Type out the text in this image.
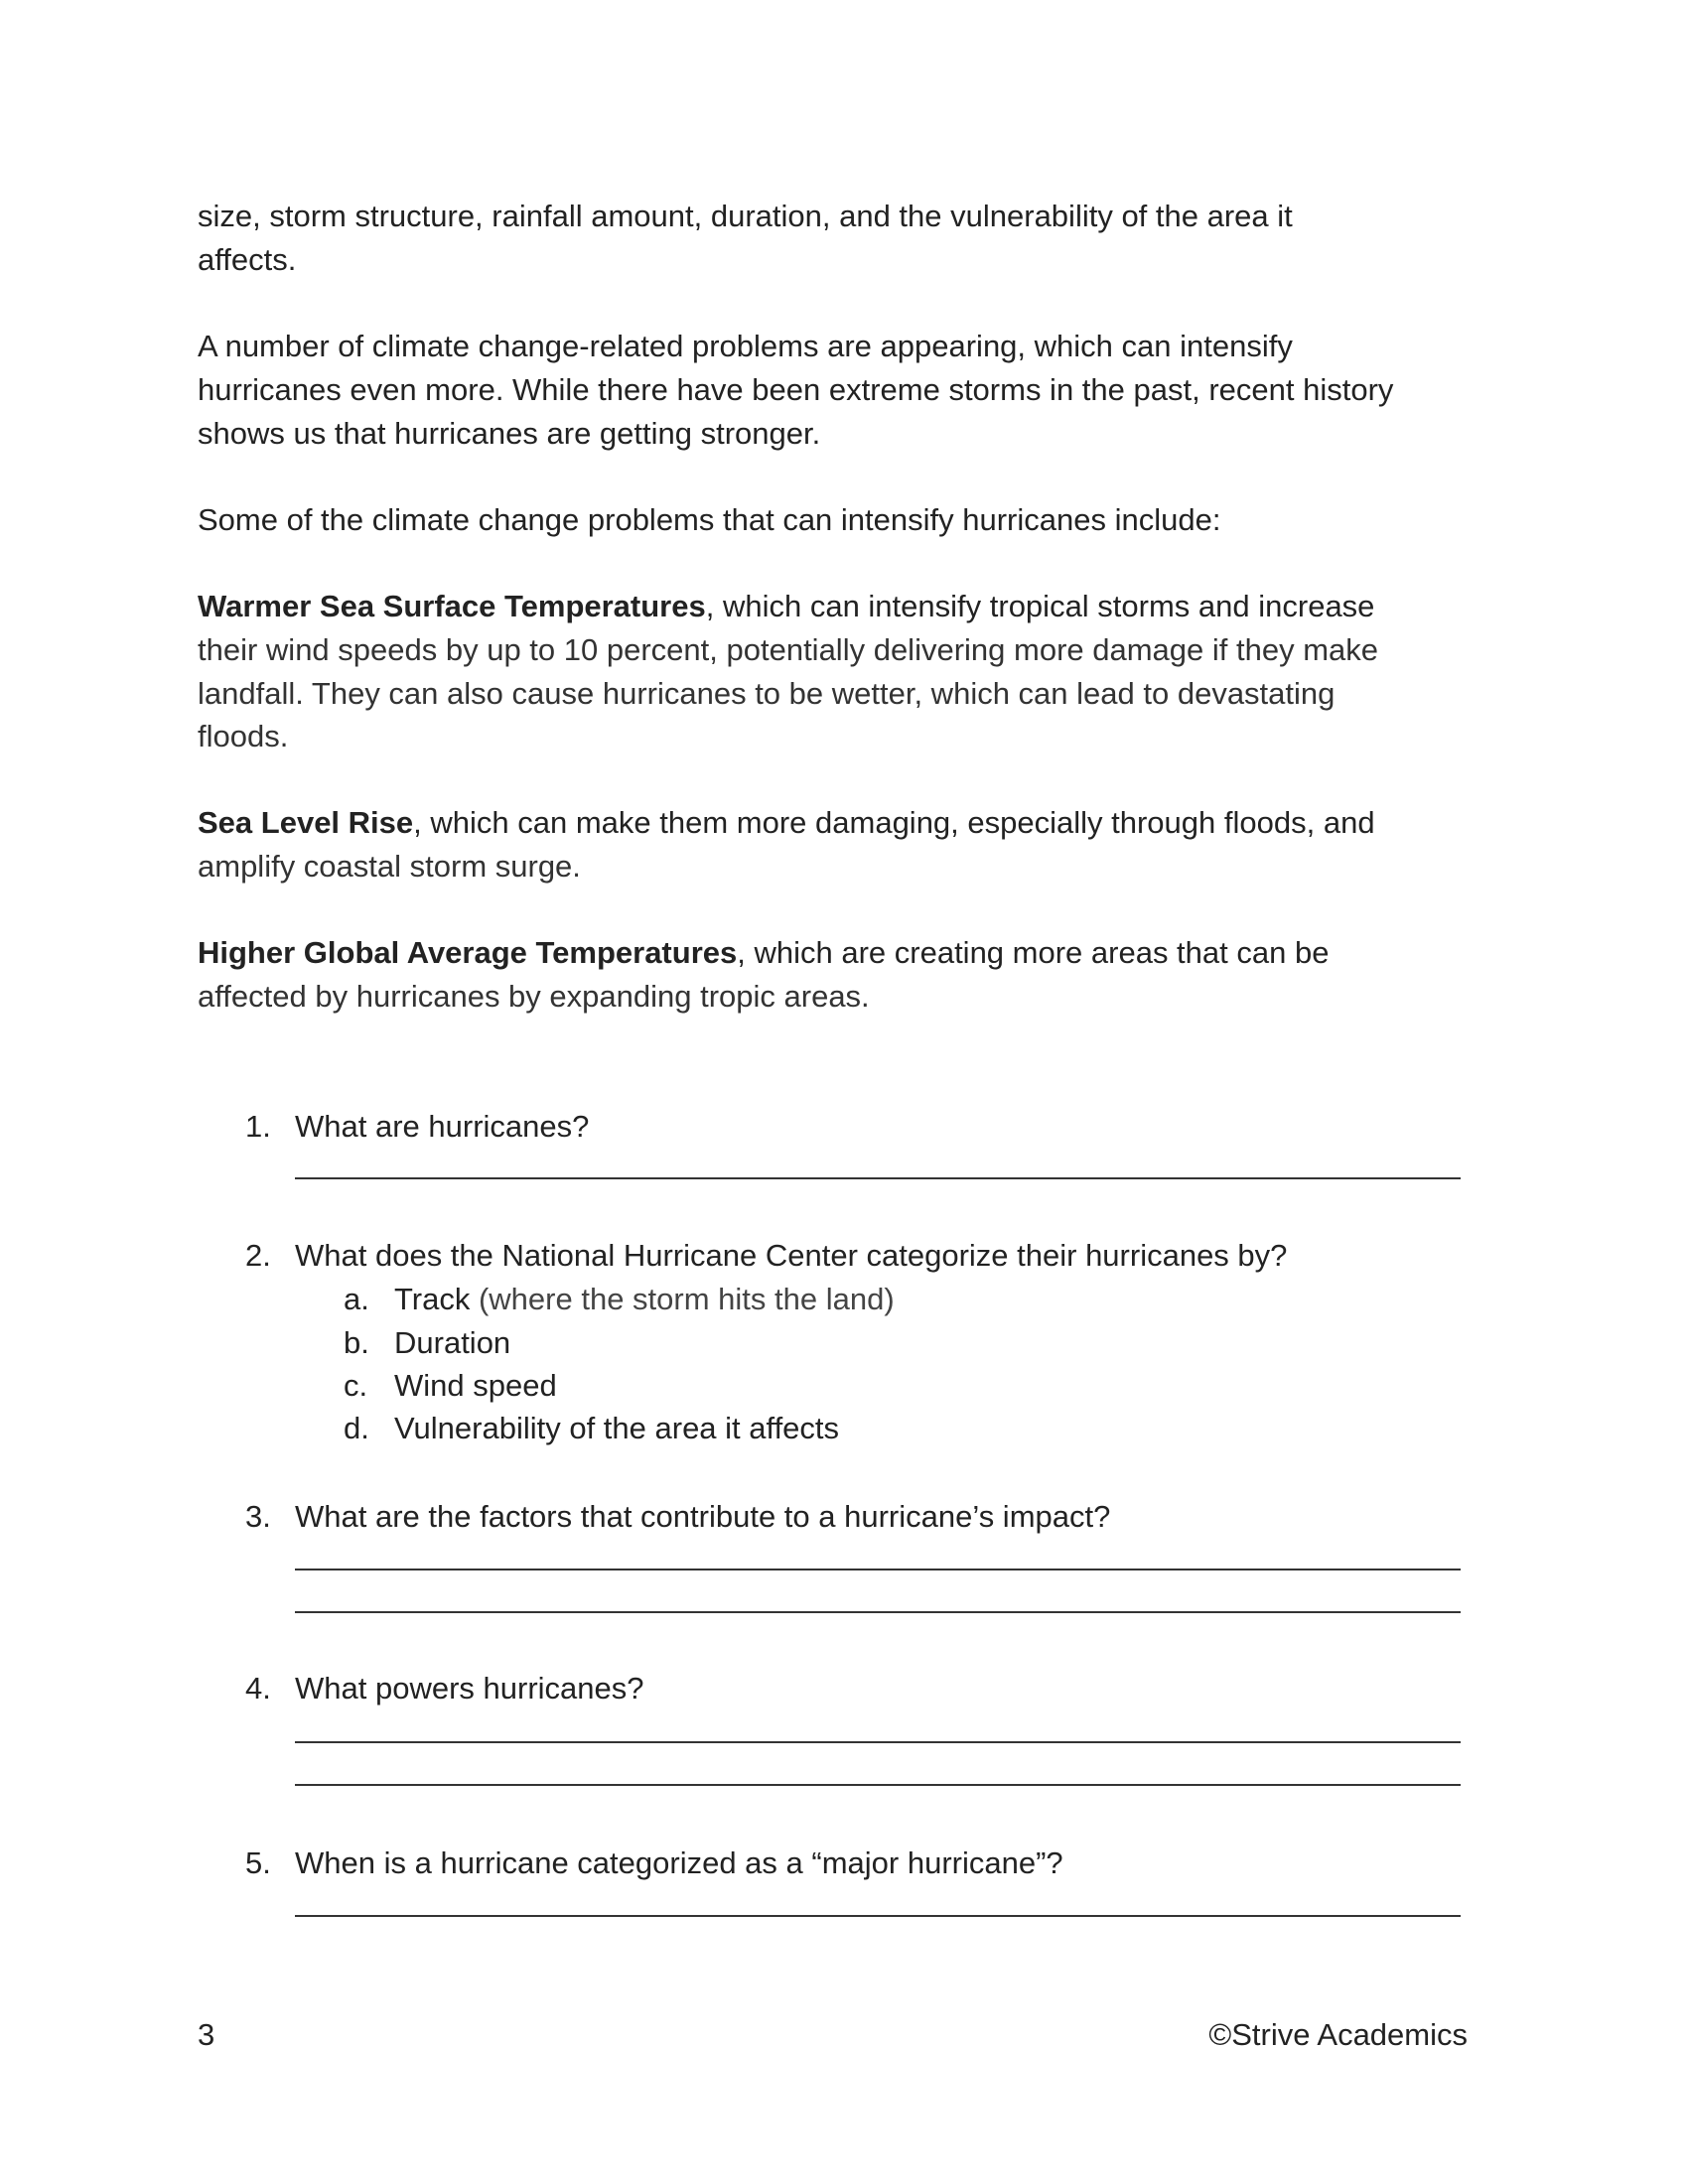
size, storm structure, rainfall amount, duration, and the vulnerability of the area it
affects.
A number of climate change-related problems are appearing, which can intensify
hurricanes even more. While there have been extreme storms in the past, recent history
shows us that hurricanes are getting stronger.
Some of the climate change problems that can intensify hurricanes include:
Warmer Sea Surface Temperatures, which can intensify tropical storms and increase
their wind speeds by up to 10 percent, potentially delivering more damage if they make
landfall. They can also cause hurricanes to be wetter, which can lead to devastating
floods.
Sea Level Rise, which can make them more damaging, especially through floods, and
amplify coastal storm surge.
Higher Global Average Temperatures, which are creating more areas that can be
affected by hurricanes by expanding tropic areas.
1. What are hurricanes?
2. What does the National Hurricane Center categorize their hurricanes by?
a. Track (where the storm hits the land)
b. Duration
c. Wind speed
d. Vulnerability of the area it affects
3. What are the factors that contribute to a hurricane’s impact?
4. What powers hurricanes?
5. When is a hurricane categorized as a “major hurricane”?
3	©Strive Academics
